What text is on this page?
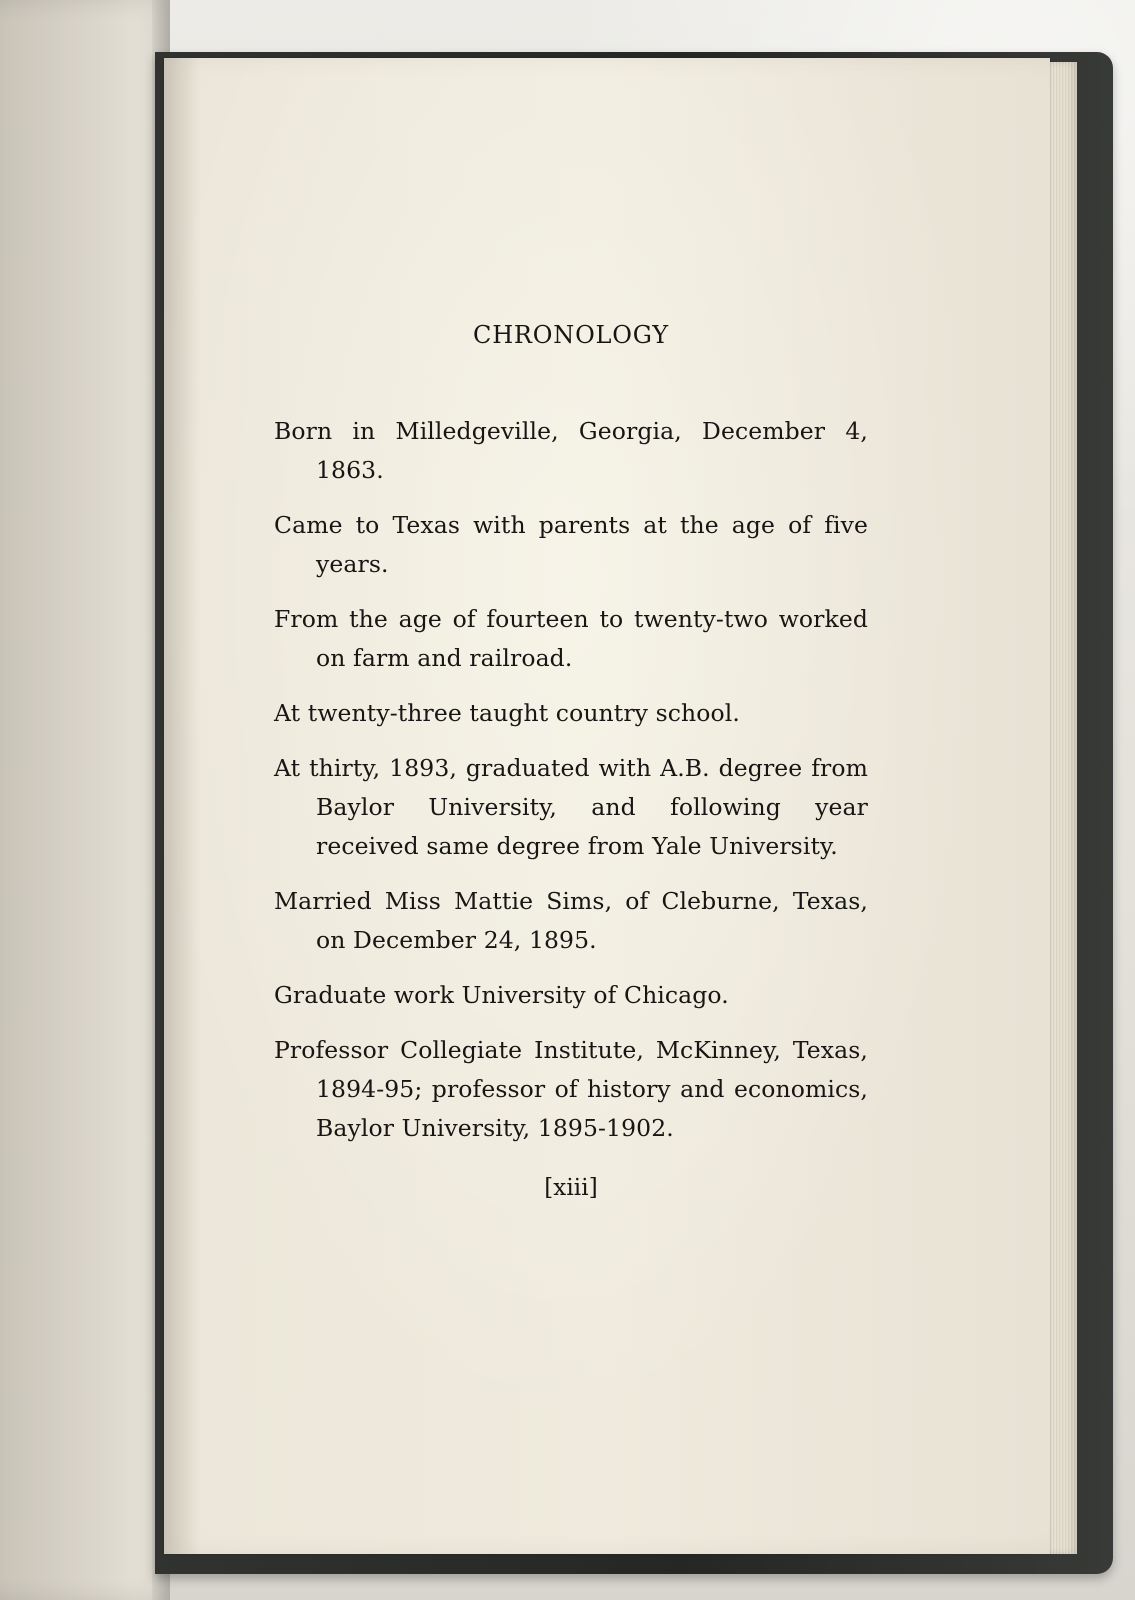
CHRONOLOGY

Born in Milledgeville, Georgia, December 4, 1863.

Came to Texas with parents at the age of five years.

From the age of fourteen to twenty-two worked on farm and railroad.

At twenty-three taught country school.

At thirty, 1893, graduated with A.B. degree from Baylor University, and following year received same degree from Yale University.

Married Miss Mattie Sims, of Cleburne, Texas, on December 24, 1895.

Graduate work University of Chicago.

Professor Collegiate Institute, McKinney, Texas, 1894-95; professor of history and economics, Baylor University, 1895-1902.

[xiii]
